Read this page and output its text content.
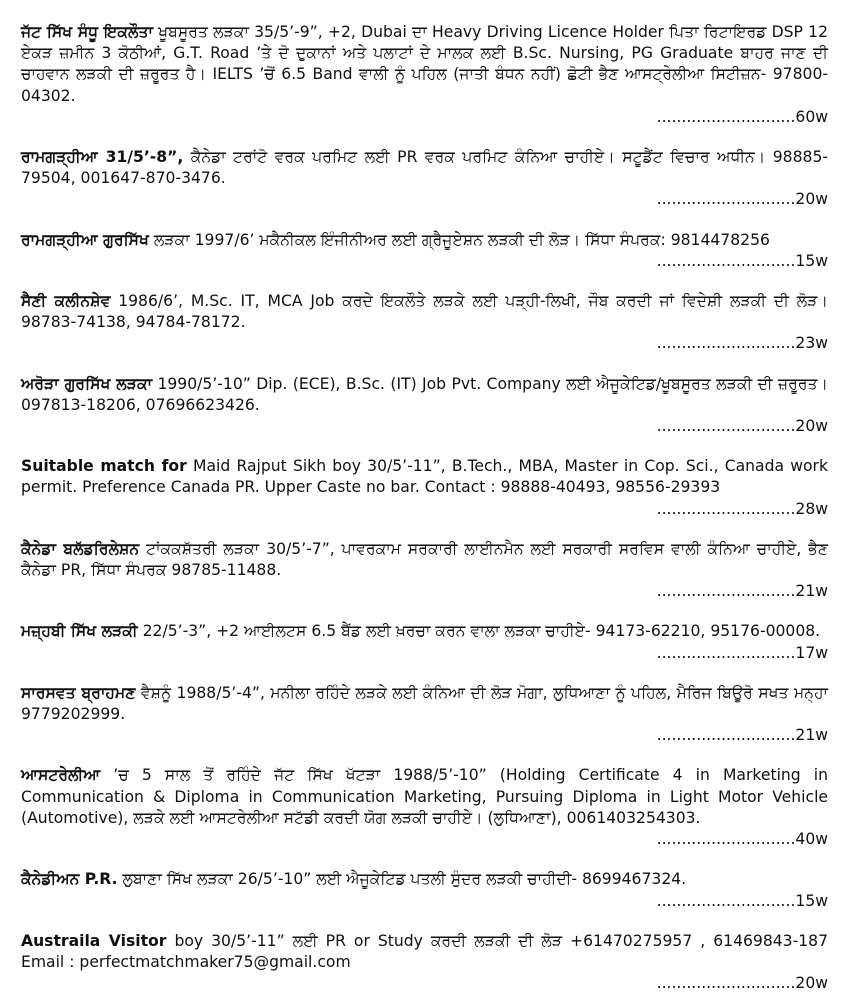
ਜੱਟ ਸਿੱਖ ਸੰਧੂ ਇਕਲੌਤਾ ਖੂਬਸੂਰਤ ਲੜਕਾ 35/5’-9”, +2, Dubai ਦਾ Heavy Driving Licence Holder ਪਿਤਾ ਰਿਟਾਇਰਡ DSP 12 ਏਕੜ ਜ਼ਮੀਨ 3 ਕੋਠੀਆਂ, G.T. Road ’ਤੇ ਦੋ ਦੁਕਾਨਾਂ ਅਤੇ ਪਲਾਟਾਂ ਦੇ ਮਾਲਕ ਲਈ B.Sc. Nursing, PG Graduate ਬਾਹਰ ਜਾਣ ਦੀ ਚਾਹਵਾਨ ਲੜਕੀ ਦੀ ਜ਼ਰੂਰਤ ਹੈ। IELTS ’ਚੋਂ 6.5 Band ਵਾਲੀ ਨੂੰ ਪਹਿਲ (ਜਾਤੀ ਬੰਧਨ ਨਹੀਂ) ਛੋਟੀ ਭੈਣ ਆਸਟ੍ਰੇਲੀਆ ਸਿਟੀਜ਼ਨ- 97800-04302.
............................60w
ਰਾਮਗੜ੍ਹੀਆ 31/5’-8”, ਕੈਨੇਡਾ ਟਰਾਂਟੋ ਵਰਕ ਪਰਮਿਟ ਲਈ PR ਵਰਕ ਪਰਮਿਟ ਕੰਨਿਆ ਚਾਹੀਏ। ਸਟੂਡੈਂਟ ਵਿਚਾਰ ਅਧੀਨ। 98885-79504, 001647-870-3476.
............................20w
ਰਾਮਗੜ੍ਹੀਆ ਗੁਰਸਿੱਖ ਲੜਕਾ 1997/6’ ਮਕੈਨੀਕਲ ਇੰਜੀਨੀਅਰ ਲਈ ਗ੍ਰੈਜੂਏਸ਼ਨ ਲੜਕੀ ਦੀ ਲੋੜ। ਸਿੱਧਾ ਸੰਪਰਕ: 9814478256
............................15w
ਸੈਣੀ ਕਲੀਨਸ਼ੇਵ 1986/6’, M.Sc. IT, MCA Job ਕਰਦੇ ਇਕਲੌਤੇ ਲੜਕੇ ਲਈ ਪੜ੍ਹੀ-ਲਿਖੀ, ਜੌਬ ਕਰਦੀ ਜਾਂ ਵਿਦੇਸ਼ੀ ਲੜਕੀ ਦੀ ਲੋੜ। 98783-74138, 94784-78172.
............................23w
ਅਰੋੜਾ ਗੁਰਸਿੱਖ ਲੜਕਾ 1990/5’-10” Dip. (ECE), B.Sc. (IT) Job Pvt. Company ਲਈ ਐਜੂਕੇਟਿਡ/ਖੂਬਸੂਰਤ ਲੜਕੀ ਦੀ ਜ਼ਰੂਰਤ। 097813-18206, 07696623426.
............................20w
Suitable match for Maid Rajput Sikh boy 30/5’-11”, B.Tech., MBA, Master in Cop. Sci., Canada work permit. Preference Canada PR. Upper Caste no bar. Contact : 98888-40493, 98556-29393
............................28w
ਕੈਨੇਡਾ ਬਲੱਡਰਿਲੇਸ਼ਨ ਟਾਂਕਕਸ਼ੱਤਰੀ ਲੜਕਾ 30/5’-7”, ਪਾਵਰਕਾਮ ਸਰਕਾਰੀ ਲਾਈਨਮੈਨ ਲਈ ਸਰਕਾਰੀ ਸਰਵਿਸ ਵਾਲੀ ਕੰਨਿਆ ਚਾਹੀਏ, ਭੈਣ ਕੈਨੇਡਾ PR, ਸਿੱਧਾ ਸੰਪਰਕ 98785-11488.
............................21w
ਮਜ਼੍ਹਬੀ ਸਿੱਖ ਲੜਕੀ 22/5’-3”, +2 ਆਈਲਟਸ 6.5 ਬੈਂਡ ਲਈ ਖ਼ਰਚਾ ਕਰਨ ਵਾਲਾ ਲੜਕਾ ਚਾਹੀਏ- 94173-62210, 95176-00008.
............................17w
ਸਾਰਸਵਤ ਬ੍ਰਾਹਮਣ ਵੈਸ਼ਨੂੰ 1988/5’-4”, ਮਨੀਲਾ ਰਹਿੰਦੇ ਲੜਕੇ ਲਈ ਕੰਨਿਆ ਦੀ ਲੋੜ ਮੋਗਾ, ਲੁਧਿਆਣਾ ਨੂੰ ਪਹਿਲ, ਮੈਰਿਜ ਬਿਊਰੋ ਸਖਤ ਮਨ੍ਹਾ 9779202999.
............................21w
ਆਸਟਰੇਲੀਆ ’ਚ 5 ਸਾਲ ਤੋਂ ਰਹਿੰਦੇ ਜੱਟ ਸਿੱਖ ਖੱਟੜਾ 1988/5’-10” (Holding Certificate 4 in Marketing in Communication & Diploma in Communication Marketing, Pursuing Diploma in Light Motor Vehicle (Automotive), ਲੜਕੇ ਲਈ ਆਸਟਰੇਲੀਆ ਸਟੱਡੀ ਕਰਦੀ ਯੋਗ ਲੜਕੀ ਚਾਹੀਏ। (ਲੁਧਿਆਣਾ), 0061403254303.
............................40w
ਕੈਨੇਡੀਅਨ P.R. ਲੁਬਾਣਾ ਸਿੱਖ ਲੜਕਾ 26/5’-10” ਲਈ ਐਜੂਕੇਟਿਡ ਪਤਲੀ ਸੁੰਦਰ ਲੜਕੀ ਚਾਹੀਦੀ- 8699467324.
............................15w
Austraila Visitor boy 30/5’-11” ਲਈ PR or Study ਕਰਦੀ ਲੜਕੀ ਦੀ ਲੋੜ +61470275957 , 61469843-187 Email : perfectmatchmaker75@gmail.com
............................20w
